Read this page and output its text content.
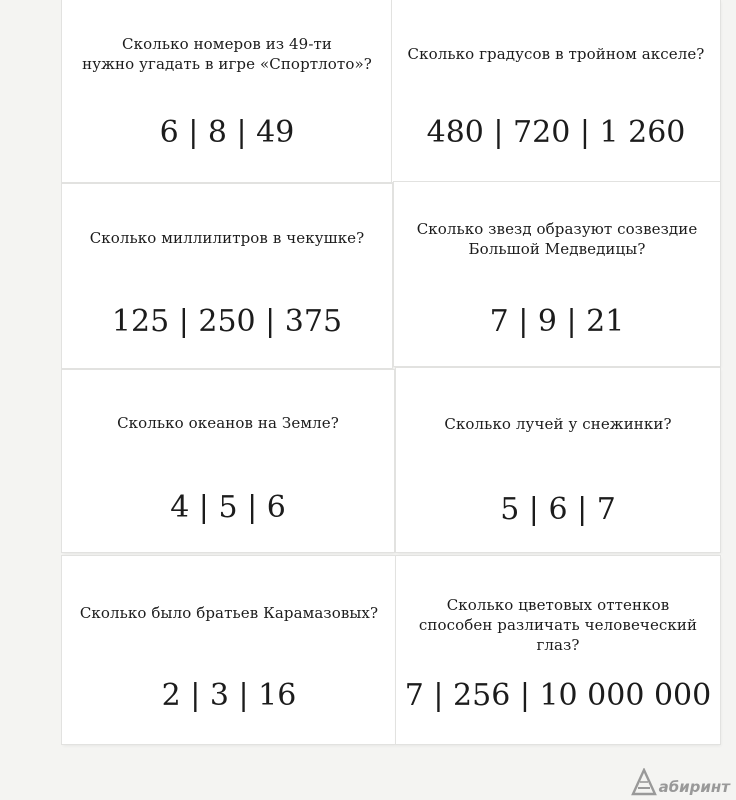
Сколько номеров из 49-ти
нужно угадать в игре «Спортлото»?
6 | 8 | 49
Сколько градусов в тройном акселе?
480 | 720 | 1 260
Сколько миллилитров в чекушке?
125 | 250 | 375
Сколько звезд образуют созвездие
Большой Медведицы?
7 | 9 | 21
Сколько океанов на Земле?
4 | 5 | 6
Сколько лучей у снежинки?
5 | 6 | 7
Сколько было братьев Карамазовых?
2 | 3 | 16
Сколько цветовых оттенков
способен различать человеческий глаз?
7 | 256 | 10 000 000
абиринт
